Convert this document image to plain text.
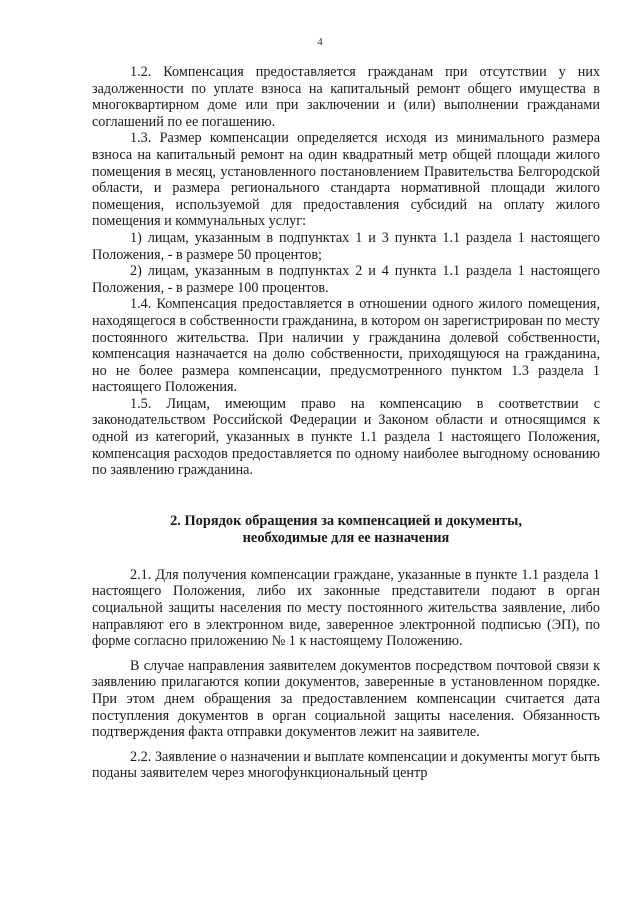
4

1.2. Компенсация предоставляется гражданам при отсутствии у них задолженности по уплате взноса на капитальный ремонт общего имущества в многоквартирном доме или при заключении и (или) выполнении гражданами соглашений по ее погашению.

1.3. Размер компенсации определяется исходя из минимального размера взноса на капитальный ремонт на один квадратный метр общей площади жилого помещения в месяц, установленного постановлением Правительства Белгородской области, и размера регионального стандарта нормативной площади жилого помещения, используемой для предоставления субсидий на оплату жилого помещения и коммунальных услуг:

1) лицам, указанным в подпунктах 1 и 3 пункта 1.1 раздела 1 настоящего Положения, - в размере 50 процентов;

2) лицам, указанным в подпунктах 2 и 4 пункта 1.1 раздела 1 настоящего Положения, - в размере 100 процентов.

1.4. Компенсация предоставляется в отношении одного жилого помещения, находящегося в собственности гражданина, в котором он зарегистрирован по месту постоянного жительства. При наличии у гражданина долевой собственности, компенсация назначается на долю собственности, приходящуюся на гражданина, но не более размера компенсации, предусмотренного пунктом 1.3 раздела 1 настоящего Положения.

1.5. Лицам, имеющим право на компенсацию в соответствии с законодательством Российской Федерации и Законом области и относящимся к одной из категорий, указанных в пункте 1.1 раздела 1 настоящего Положения, компенсация расходов предоставляется по одному наиболее выгодному основанию по заявлению гражданина.

2. Порядок обращения за компенсацией и документы,
необходимые для ее назначения

2.1. Для получения компенсации граждане, указанные в пункте 1.1 раздела 1 настоящего Положения, либо их законные представители подают в орган социальной защиты населения по месту постоянного жительства заявление, либо направляют его в электронном виде, заверенное электронной подписью (ЭП), по форме согласно приложению № 1 к настоящему Положению.

В случае направления заявителем документов посредством почтовой связи к заявлению прилагаются копии документов, заверенные в установленном порядке. При этом днем обращения за предоставлением компенсации считается дата поступления документов в орган социальной защиты населения. Обязанность подтверждения факта отправки документов лежит на заявителе.

2.2. Заявление о назначении и выплате компенсации и документы могут быть поданы заявителем через многофункциональный центр
